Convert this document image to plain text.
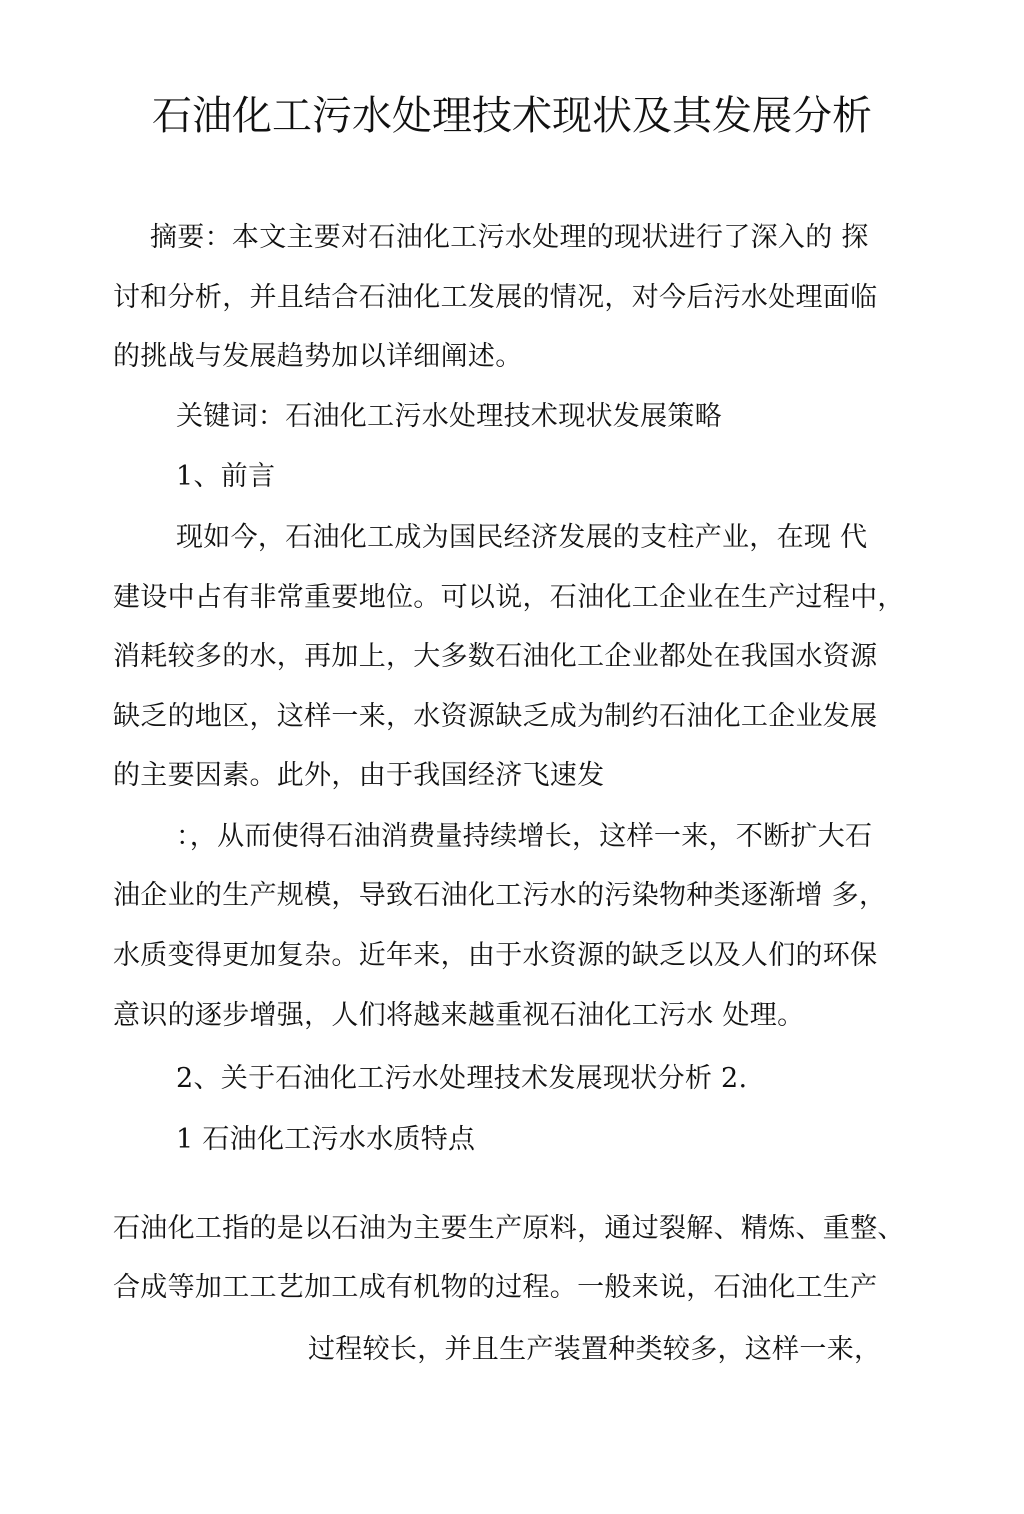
石油化工污水处理技术现状及其发展分析
摘要：本文主要对石油化工污水处理的现状进行了深入的 探
讨和分析，并且结合石油化工发展的情况，对今后污水处理面临
的挑战与发展趋势加以详细阐述。
关键词：石油化工污水处理技术现状发展策略
1、前言
现如今，石油化工成为国民经济发展的支柱产业，在现 代
建设中占有非常重要地位。可以说，石油化工企业在生产过程中，
消耗较多的水，再加上，大多数石油化工企业都处在我国水资源
缺乏的地区，这样一来，水资源缺乏成为制约石油化工企业发展
的主要因素。此外，由于我国经济飞速发
：，从而使得石油消费量持续增长，这样一来，不断扩大石
油企业的生产规模，导致石油化工污水的污染物种类逐渐增 多，
水质变得更加复杂。近年来，由于水资源的缺乏以及人们的环保
意识的逐步增强，人们将越来越重视石油化工污水 处理。
2、关于石油化工污水处理技术发展现状分析 2.
1 石油化工污水水质特点
石油化工指的是以石油为主要生产原料，通过裂解、精炼、重整、
合成等加工工艺加工成有机物的过程。一般来说，石油化工生产
过程较长，并且生产装置种类较多，这样一来，
